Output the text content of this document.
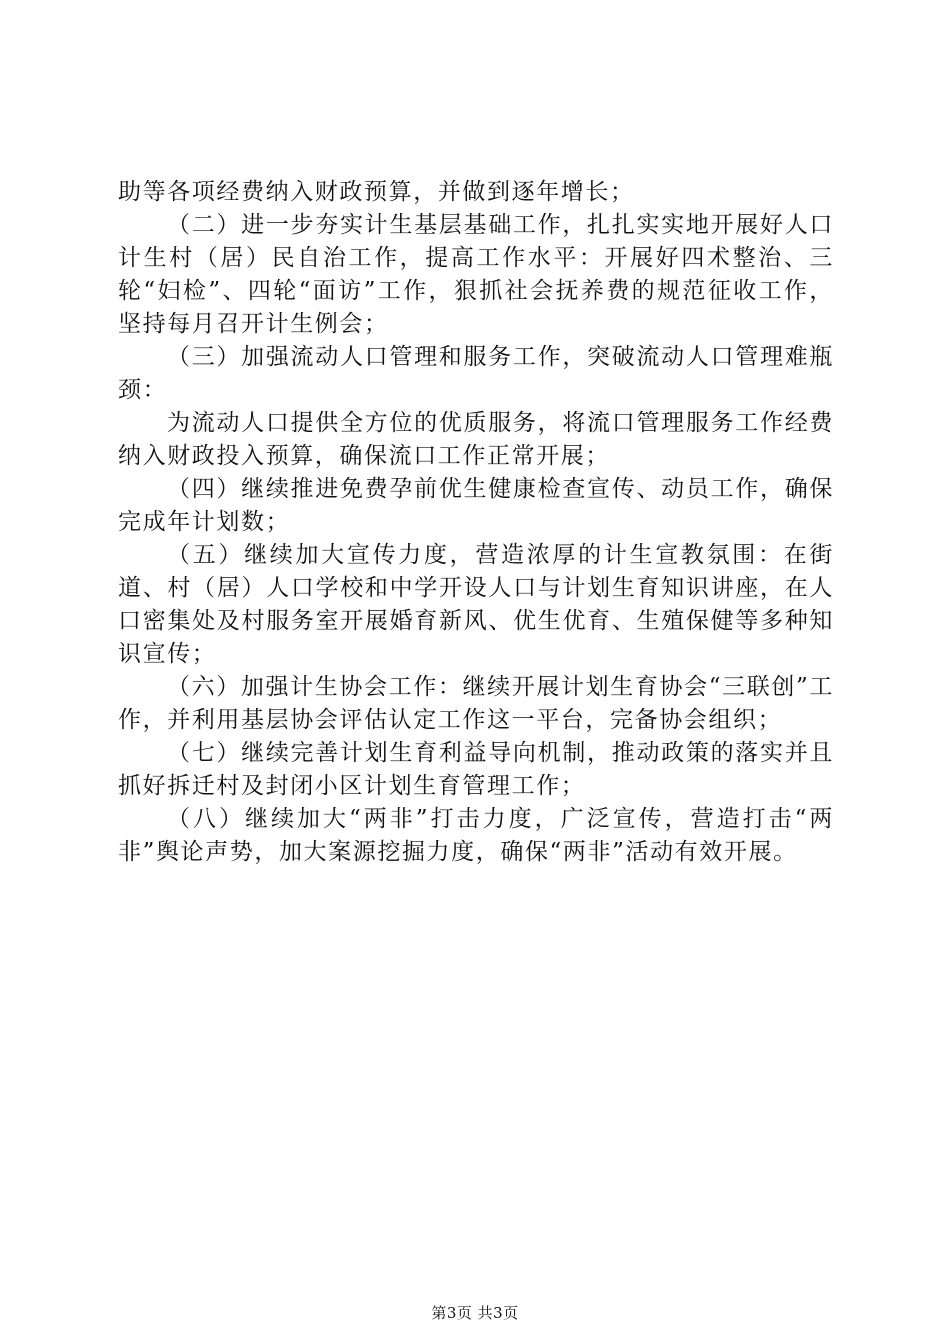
助等各项经费纳入财政预算，并做到逐年增长；

（二）进一步夯实计生基层基础工作，扎扎实实地开展好人口计生村（居）民自治工作，提高工作水平：开展好四术整治、三轮“妇检”、四轮“面访”工作，狠抓社会抚养费的规范征收工作，坚持每月召开计生例会；

（三）加强流动人口管理和服务工作，突破流动人口管理难瓶颈：

为流动人口提供全方位的优质服务，将流口管理服务工作经费纳入财政投入预算，确保流口工作正常开展；

（四）继续推进免费孕前优生健康检查宣传、动员工作，确保完成年计划数；

（五）继续加大宣传力度，营造浓厚的计生宣教氛围：在街道、村（居）人口学校和中学开设人口与计划生育知识讲座，在人口密集处及村服务室开展婚育新风、优生优育、生殖保健等多种知识宣传；

（六）加强计生协会工作：继续开展计划生育协会“三联创”工作，并利用基层协会评估认定工作这一平台，完备协会组织；

（七）继续完善计划生育利益导向机制，推动政策的落实并且抓好拆迁村及封闭小区计划生育管理工作；

（八）继续加大“两非”打击力度，广泛宣传，营造打击“两非”舆论声势，加大案源挖掘力度，确保“两非”活动有效开展。

第3页 共3页
